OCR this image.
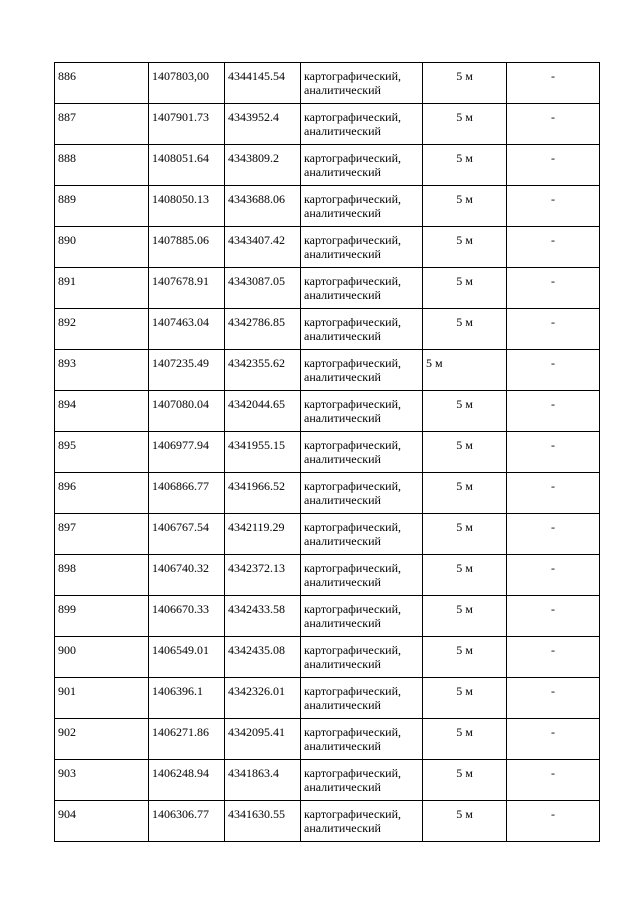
886	1407803,00	4344145.54	картографический,
аналитический	5 м	-
887	1407901.73	4343952.4	картографический,
аналитический	5 м	-
888	1408051.64	4343809.2	картографический,
аналитический	5 м	-
889	1408050.13	4343688.06	картографический,
аналитический	5 м	-
890	1407885.06	4343407.42	картографический,
аналитический	5 м	-
891	1407678.91	4343087.05	картографический,
аналитический	5 м	-
892	1407463.04	4342786.85	картографический,
аналитический	5 м	-
893	1407235.49	4342355.62	картографический,
аналитический	5 м	-
894	1407080.04	4342044.65	картографический,
аналитический	5 м	-
895	1406977.94	4341955.15	картографический,
аналитический	5 м	-
896	1406866.77	4341966.52	картографический,
аналитический	5 м	-
897	1406767.54	4342119.29	картографический,
аналитический	5 м	-
898	1406740.32	4342372.13	картографический,
аналитический	5 м	-
899	1406670.33	4342433.58	картографический,
аналитический	5 м	-
900	1406549.01	4342435.08	картографический,
аналитический	5 м	-
901	1406396.1	4342326.01	картографический,
аналитический	5 м	-
902	1406271.86	4342095.41	картографический,
аналитический	5 м	-
903	1406248.94	4341863.4	картографический,
аналитический	5 м	-
904	1406306.77	4341630.55	картографический,
аналитический	5 м	-
